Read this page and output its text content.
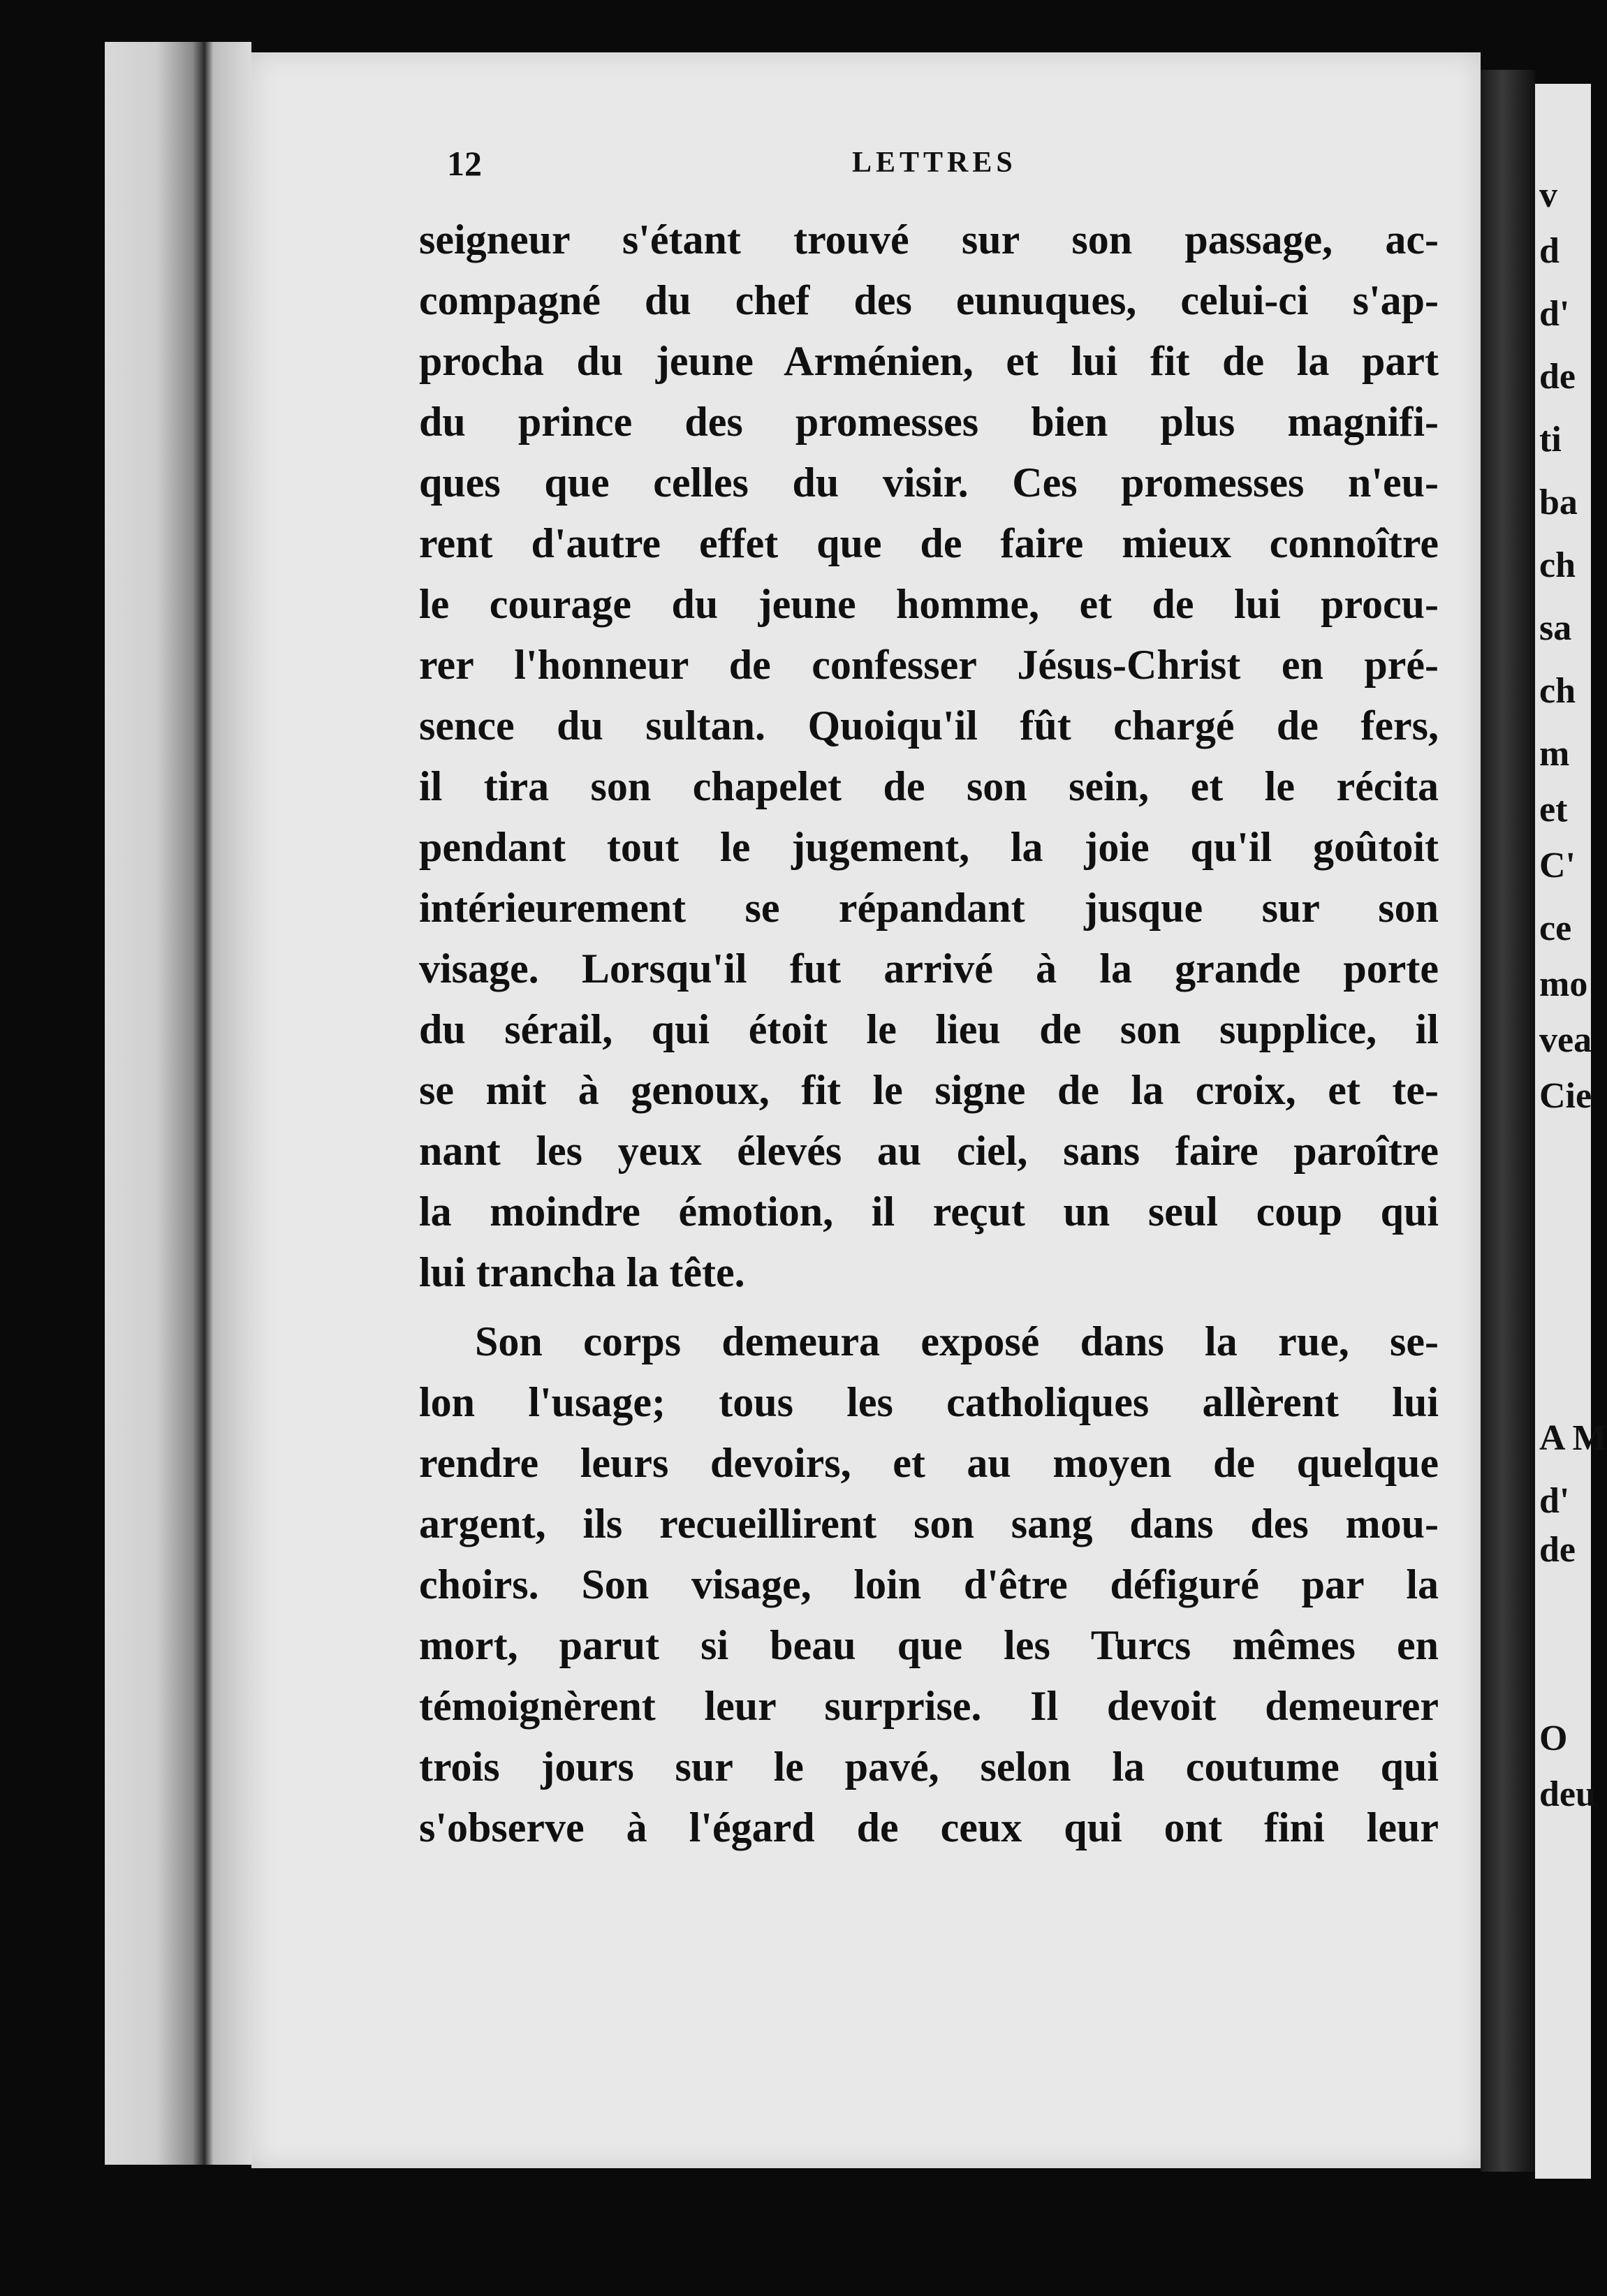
v
d
d'
de
ti
ba
ch
sa
ch
m
et
C'
ce
mo
vea
Cie
A M
d'
de
O
deu
12	LETTRES
seigneur s'étant trouvé sur son passage, ac-
compagné du chef des eunuques, celui-ci s'ap-
procha du jeune Arménien, et lui fit de la part
du prince des promesses bien plus magnifi-
ques que celles du visir. Ces promesses n'eu-
rent d'autre effet que de faire mieux connoître
le courage du jeune homme, et de lui procu-
rer l'honneur de confesser Jésus-Christ en pré-
sence du sultan. Quoiqu'il fût chargé de fers,
il tira son chapelet de son sein, et le récita
pendant tout le jugement, la joie qu'il goûtoit
intérieurement se répandant jusque sur son
visage. Lorsqu'il fut arrivé à la grande porte
du sérail, qui étoit le lieu de son supplice, il
se mit à genoux, fit le signe de la croix, et te-
nant les yeux élevés au ciel, sans faire paroître
la moindre émotion, il reçut un seul coup qui
lui trancha la tête.
Son corps demeura exposé dans la rue, se-
lon l'usage; tous les catholiques allèrent lui
rendre leurs devoirs, et au moyen de quelque
argent, ils recueillirent son sang dans des mou-
choirs. Son visage, loin d'être défiguré par la
mort, parut si beau que les Turcs mêmes en
témoignèrent leur surprise. Il devoit demeurer
trois jours sur le pavé, selon la coutume qui
s'observe à l'égard de ceux qui ont fini leur
